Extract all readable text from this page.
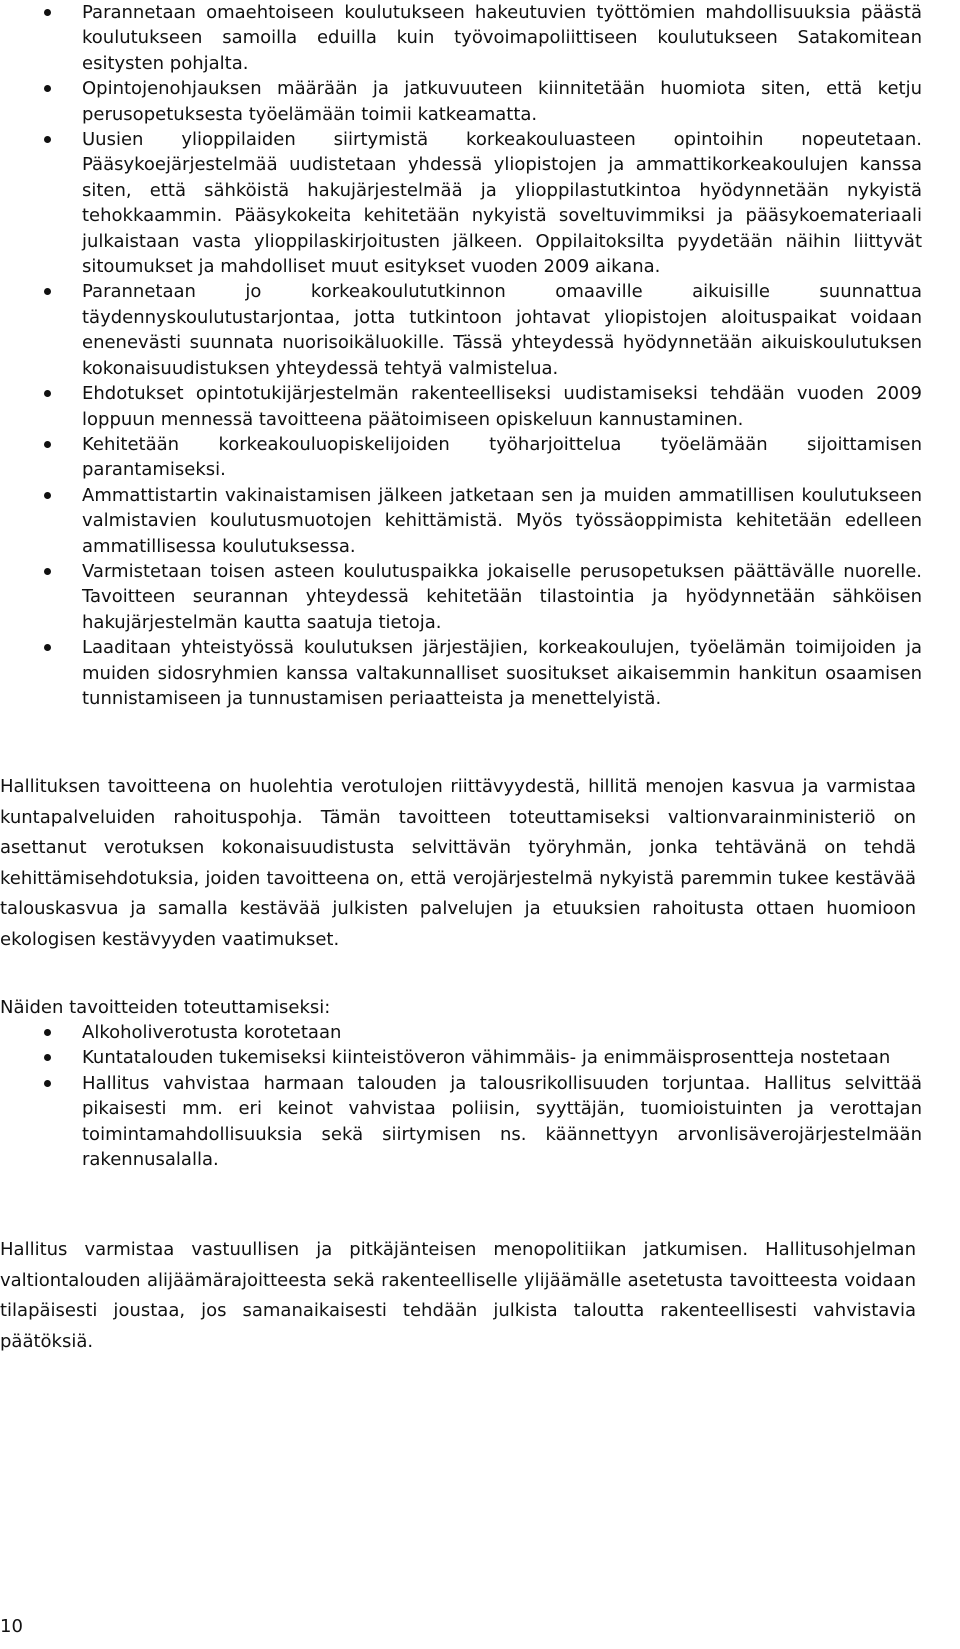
Parannetaan omaehtoiseen koulutukseen hakeutuvien työttömien mahdollisuuksia päästä koulutukseen samoilla eduilla kuin työvoimapoliittiseen koulutukseen Satakomitean esitysten pohjalta.
Opintojenohjauksen määrään ja jatkuvuuteen kiinnitetään huomiota siten, että ketju perusopetuksesta työelämään toimii katkeamatta.
Uusien ylioppilaiden siirtymistä korkeakouluasteen opintoihin nopeutetaan. Pääsykoejärjestelmää uudistetaan yhdessä yliopistojen ja ammattikorkeakoulujen kanssa siten, että sähköistä hakujärjestelmää ja ylioppilastutkintoa hyödynnetään nykyistä tehokkaammin. Pääsykokeita kehitetään nykyistä soveltuvimmiksi ja pääsykoemateriaali julkaistaan vasta ylioppilaskirjoitusten jälkeen. Oppilaitoksilta pyydetään näihin liittyvät sitoumukset ja mahdolliset muut esitykset vuoden 2009 aikana.
Parannetaan jo korkeakoulututkinnon omaaville aikuisille suunnattua täydennyskoulutustarjontaa, jotta tutkintoon johtavat yliopistojen aloituspaikat voidaan enenevästi suunnata nuorisoikäluokille. Tässä yhteydessä hyödynnetään aikuiskoulutuksen kokonaisuudistuksen yhteydessä tehtyä valmistelua.
Ehdotukset opintotukijärjestelmän rakenteelliseksi uudistamiseksi tehdään vuoden 2009 loppuun mennessä tavoitteena päätoimiseen opiskeluun kannustaminen.
Kehitetään korkeakouluopiskelijoiden työharjoittelua työelämään sijoittamisen parantamiseksi.
Ammattistartin vakinaistamisen jälkeen jatketaan sen ja muiden ammatillisen koulutukseen valmistavien koulutusmuotojen kehittämistä. Myös työssäoppimista kehitetään edelleen ammatillisessa koulutuksessa.
Varmistetaan toisen asteen koulutuspaikka jokaiselle perusopetuksen päättävälle nuorelle. Tavoitteen seurannan yhteydessä kehitetään tilastointia ja hyödynnetään sähköisen hakujärjestelmän kautta saatuja tietoja.
Laaditaan yhteistyössä koulutuksen järjestäjien, korkeakoulujen, työelämän toimijoiden ja muiden sidosryhmien kanssa valtakunnalliset suositukset aikaisemmin hankitun osaamisen tunnistamiseen ja tunnustamisen periaatteista ja menettelyistä.

Hallituksen tavoitteena on huolehtia verotulojen riittävyydestä, hillitä menojen kasvua ja varmistaa kuntapalveluiden rahoituspohja. Tämän tavoitteen toteuttamiseksi valtionvarainministeriö on asettanut verotuksen kokonaisuudistusta selvittävän työryhmän, jonka tehtävänä on tehdä kehittämisehdotuksia, joiden tavoitteena on, että verojärjestelmä nykyistä paremmin tukee kestävää talouskasvua ja samalla kestävää julkisten palvelujen ja etuuksien rahoitusta ottaen huomioon ekologisen kestävyyden vaatimukset.

Näiden tavoitteiden toteuttamiseksi:

Alkoholiverotusta korotetaan
Kuntatalouden tukemiseksi kiinteistöveron vähimmäis- ja enimmäisprosentteja nostetaan
Hallitus vahvistaa harmaan talouden ja talousrikollisuuden torjuntaa. Hallitus selvittää pikaisesti mm. eri keinot vahvistaa poliisin, syyttäjän, tuomioistuinten ja verottajan toimintamahdollisuuksia sekä siirtymisen ns. käännettyyn arvonlisäverojärjestelmään rakennusalalla.

Hallitus varmistaa vastuullisen ja pitkäjänteisen menopolitiikan jatkumisen. Hallitusohjelman valtiontalouden alijäämärajoitteesta sekä rakenteelliselle ylijäämälle asetetusta tavoitteesta voidaan tilapäisesti joustaa, jos samanaikaisesti tehdään julkista taloutta rakenteellisesti vahvistavia päätöksiä.

10
